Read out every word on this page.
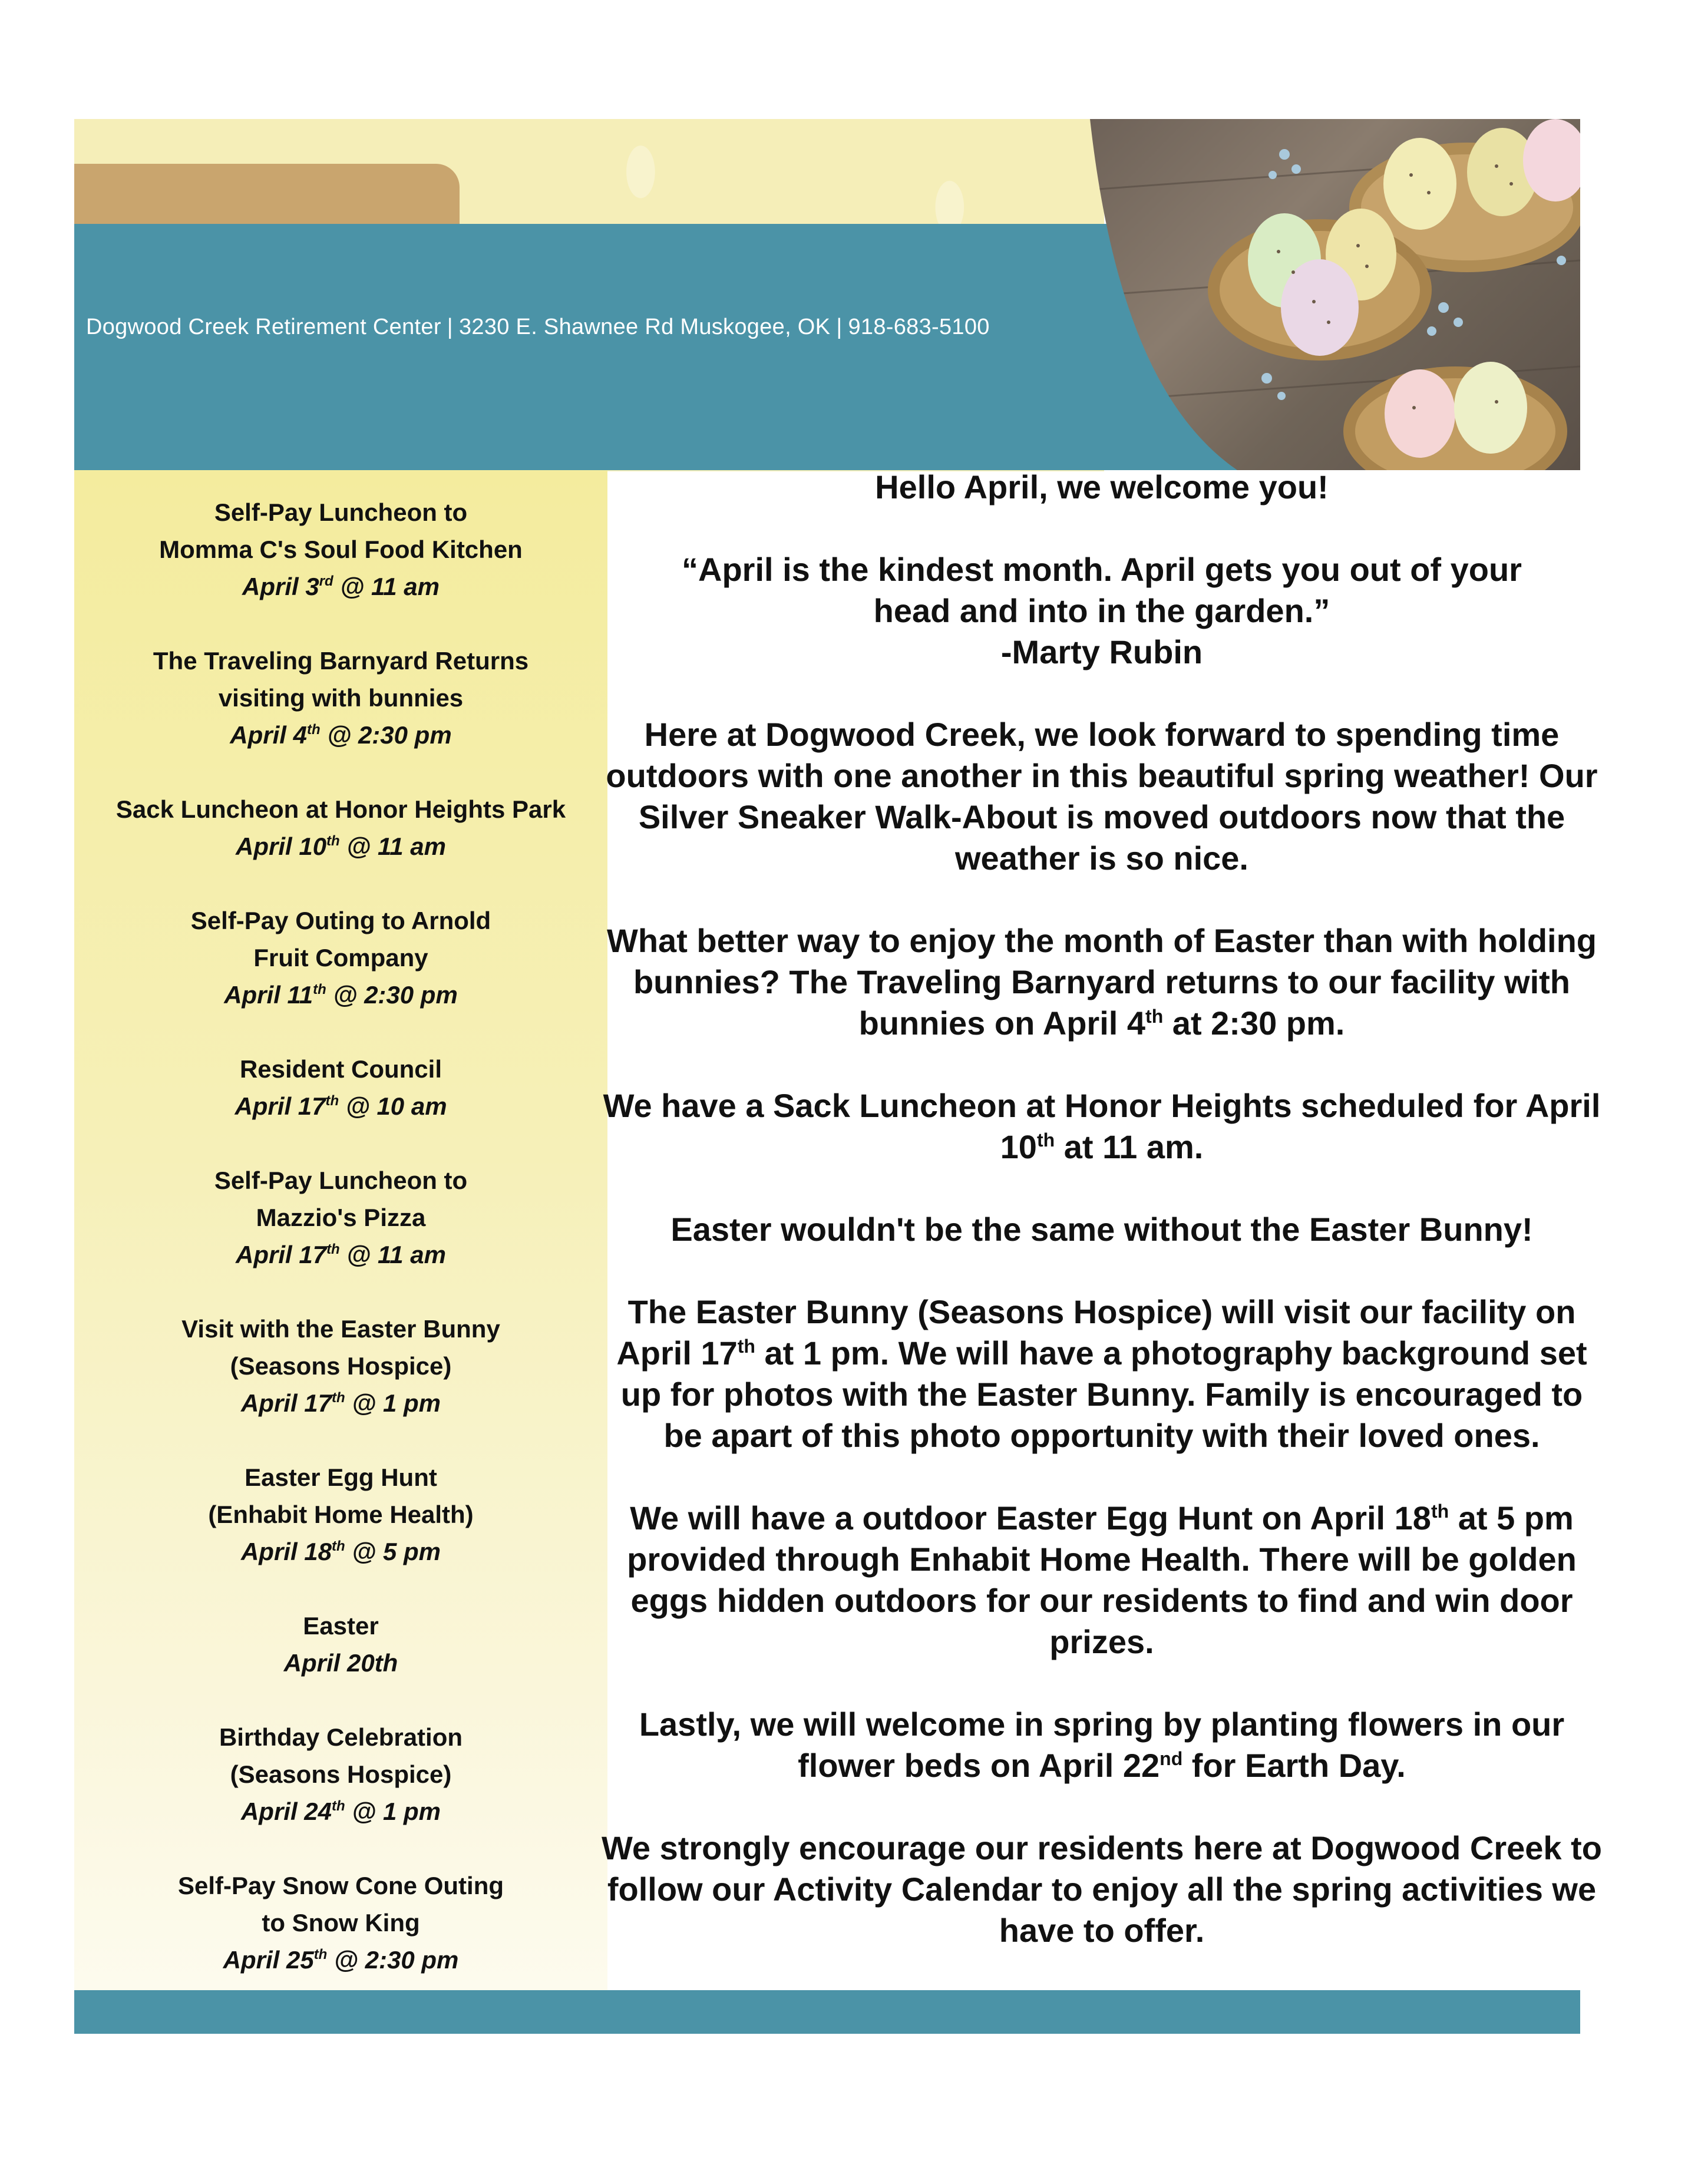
Dogwood Creek Retirement Center | 3230 E. Shawnee Rd Muskogee, OK | 918-683-5100
Self-Pay Luncheon to
Momma C's Soul Food Kitchen
April 3rd @ 11 am
The Traveling Barnyard Returns
visiting with bunnies
April 4th @ 2:30 pm
Sack Luncheon at Honor Heights Park
April 10th @ 11 am
Self-Pay Outing to Arnold
Fruit Company
April 11th @ 2:30 pm
Resident Council
April 17th @ 10 am
Self-Pay Luncheon to
Mazzio's Pizza
April 17th @ 11 am
Visit with the Easter Bunny
(Seasons Hospice)
April 17th @ 1 pm
Easter Egg Hunt
(Enhabit Home Health)
April 18th @ 5 pm
Easter
April 20th
Birthday Celebration
(Seasons Hospice)
April 24th @ 1 pm
Self-Pay Snow Cone Outing
to Snow King
April 25th @ 2:30 pm

Hello April, we welcome you!

“April is the kindest month. April gets you out of your
head and into in the garden.”
-Marty Rubin

Here at Dogwood Creek, we look forward to spending time outdoors with one another in this beautiful spring weather! Our Silver Sneaker Walk-About is moved outdoors now that the weather is so nice.

What better way to enjoy the month of Easter than with holding bunnies? The Traveling Barnyard returns to our facility with bunnies on April 4th at 2:30 pm.

We have a Sack Luncheon at Honor Heights scheduled for April 10th at 11 am.

Easter wouldn't be the same without the Easter Bunny!

The Easter Bunny (Seasons Hospice) will visit our facility on April 17th at 1 pm. We will have a photography background set up for photos with the Easter Bunny. Family is encouraged to be apart of this photo opportunity with their loved ones.

We will have a outdoor Easter Egg Hunt on April 18th at 5 pm provided through Enhabit Home Health. There will be golden eggs hidden outdoors for our residents to find and win door prizes.

Lastly, we will welcome in spring by planting flowers in our flower beds on April 22nd for Earth Day.

We strongly encourage our residents here at Dogwood Creek to follow our Activity Calendar to enjoy all the spring activities we have to offer.
